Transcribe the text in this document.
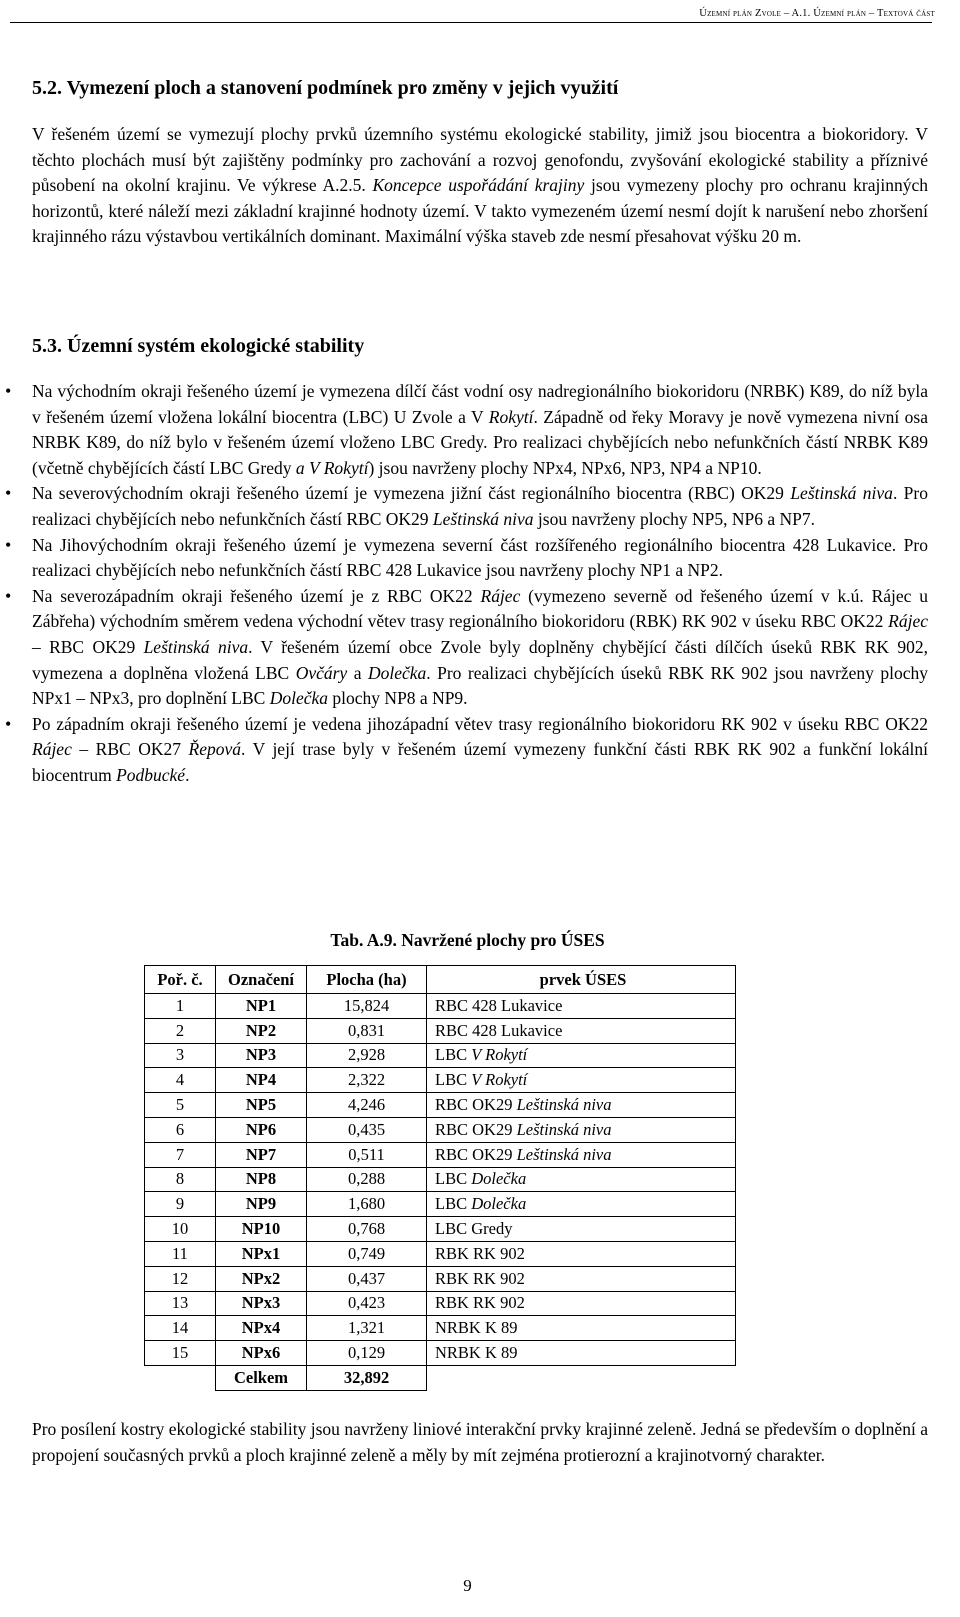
Územní plán Zvole – A.1. Územní plán – Textová část
5.2. Vymezení ploch a stanovení podmínek pro změny v jejich využití

V řešeném území se vymezují plochy prvků územního systému ekologické stability, jimiž jsou biocentra a biokoridory. V těchto plochách musí být zajištěny podmínky pro zachování a rozvoj genofondu, zvyšování ekologické stability a příznivé působení na okolní krajinu. Ve výkrese A.2.5. Koncepce uspořádání krajiny jsou vymezeny plochy pro ochranu krajinných horizontů, které náleží mezi základní krajinné hodnoty území. V takto vymezeném území nesmí dojít k narušení nebo zhoršení krajinného rázu výstavbou vertikálních dominant. Maximální výška staveb zde nesmí přesahovat výšku 20 m.

5.3. Územní systém ekologické stability
• Na východním okraji řešeného území je vymezena dílčí část vodní osy nadregionálního biokoridoru (NRBK) K89, do níž byla v řešeném území vložena lokální biocentra (LBC) U Zvole a V Rokytí. Západně od řeky Moravy je nově vymezena nivní osa NRBK K89, do níž bylo v řešeném území vloženo LBC Gredy. Pro realizaci chybějících nebo nefunkčních částí NRBK K89 (včetně chybějících částí LBC Gredy a V Rokytí) jsou navrženy plochy NPx4, NPx6, NP3, NP4 a NP10.
• Na severovýchodním okraji řešeného území je vymezena jižní část regionálního biocentra (RBC) OK29 Leštinská niva. Pro realizaci chybějících nebo nefunkčních částí RBC OK29 Leštinská niva jsou navrženy plochy NP5, NP6 a NP7.
• Na Jihovýchodním okraji řešeného území je vymezena severní část rozšířeného regionálního biocentra 428 Lukavice. Pro realizaci chybějících nebo nefunkčních částí RBC 428 Lukavice jsou navrženy plochy NP1 a NP2.
• Na severozápadním okraji řešeného území je z RBC OK22 Rájec (vymezeno severně od řešeného území v k.ú. Rájec u Zábřeha) východním směrem vedena východní větev trasy regionálního biokoridoru (RBK) RK 902 v úseku RBC OK22 Rájec – RBC OK29 Leštinská niva. V řešeném území obce Zvole byly doplněny chybějící části dílčích úseků RBK RK 902, vymezena a doplněna vložená LBC Ovčáry a Dolečka. Pro realizaci chybějících úseků RBK RK 902 jsou navrženy plochy NPx1 – NPx3, pro doplnění LBC Dolečka plochy NP8 a NP9.
• Po západním okraji řešeného území je vedena jihozápadní větev trasy regionálního biokoridoru RK 902 v úseku RBC OK22 Rájec – RBC OK27 Řepová. V její trase byly v řešeném území vymezeny funkční části RBK RK 902 a funkční lokální biocentrum Podbucké.

Tab. A.9. Navržené plochy pro ÚSES

Poř. č.	Označení	Plocha (ha)	prvek ÚSES
1	NP1	15,824	RBC 428 Lukavice
2	NP2	0,831	RBC 428 Lukavice
3	NP3	2,928	LBC V Rokytí
4	NP4	2,322	LBC V Rokytí
5	NP5	4,246	RBC OK29 Leštinská niva
6	NP6	0,435	RBC OK29 Leštinská niva
7	NP7	0,511	RBC OK29 Leštinská niva
8	NP8	0,288	LBC Dolečka
9	NP9	1,680	LBC Dolečka
10	NP10	0,768	LBC Gredy
11	NPx1	0,749	RBK RK 902
12	NPx2	0,437	RBK RK 902
13	NPx3	0,423	RBK RK 902
14	NPx4	1,321	NRBK K 89
15	NPx6	0,129	NRBK K 89
	Celkem	32,892	

Pro posílení kostry ekologické stability jsou navrženy liniové interakční prvky krajinné zeleně. Jedná se především o doplnění a propojení současných prvků a ploch krajinné zeleně a měly by mít zejména protierozní a krajinotvorný charakter.

9
